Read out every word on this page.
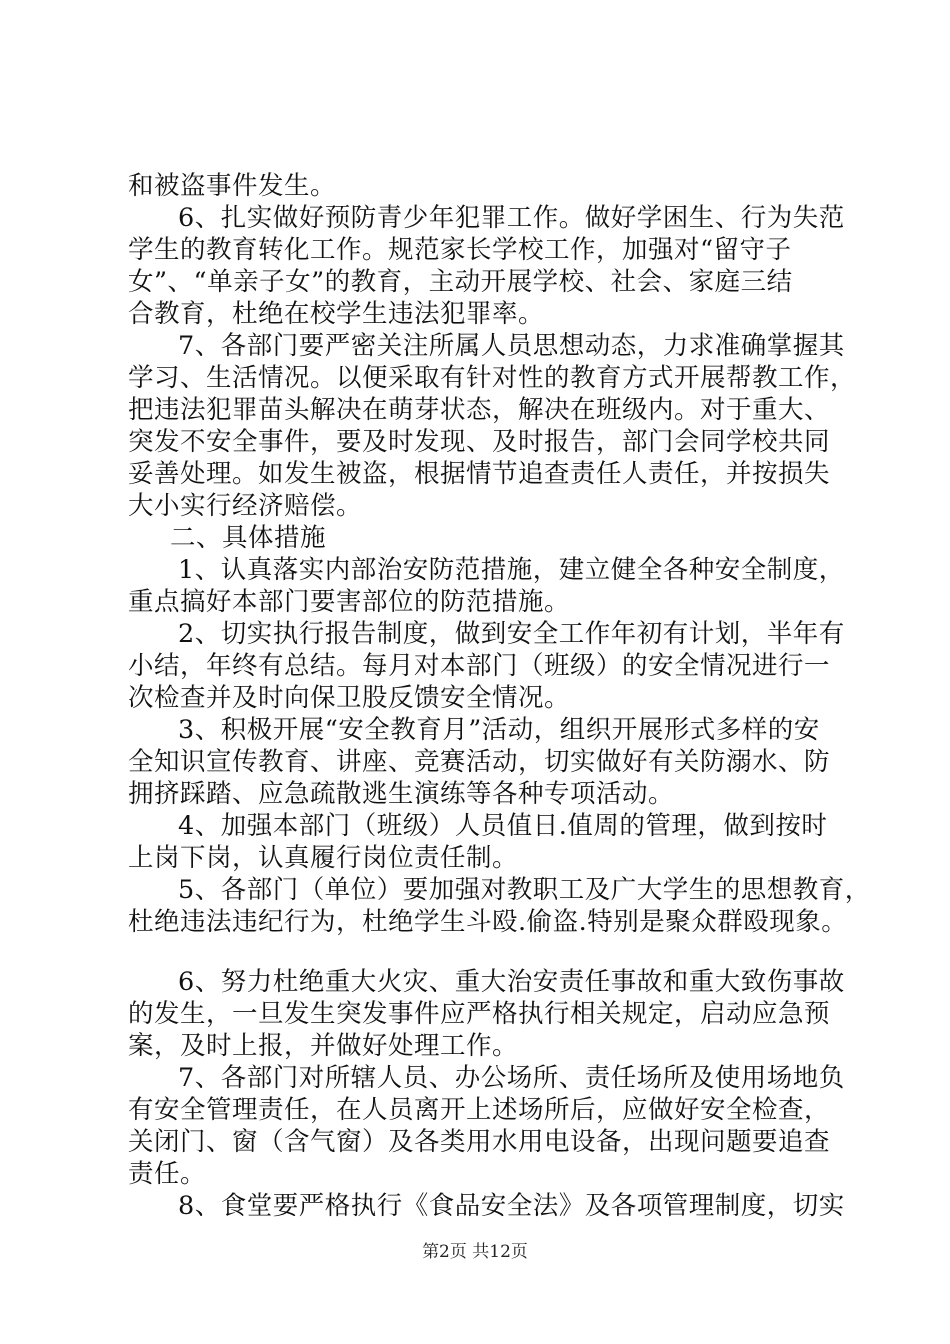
和被盗事件发生。
6、扎实做好预防青少年犯罪工作。做好学困生、行为失范
学生的教育转化工作。规范家长学校工作，加强对“留守子
女”、“单亲子女”的教育，主动开展学校、社会、家庭三结
合教育，杜绝在校学生违法犯罪率。
7、各部门要严密关注所属人员思想动态，力求准确掌握其
学习、生活情况。以便采取有针对性的教育方式开展帮教工作，
把违法犯罪苗头解决在萌芽状态，解决在班级内。对于重大、
突发不安全事件，要及时发现、及时报告，部门会同学校共同
妥善处理。如发生被盗，根据情节追查责任人责任，并按损失
大小实行经济赔偿。
二、具体措施
1、认真落实内部治安防范措施，建立健全各种安全制度，
重点搞好本部门要害部位的防范措施。
2、切实执行报告制度，做到安全工作年初有计划，半年有
小结，年终有总结。每月对本部门（班级）的安全情况进行一
次检查并及时向保卫股反馈安全情况。
3、积极开展“安全教育月”活动，组织开展形式多样的安
全知识宣传教育、讲座、竞赛活动，切实做好有关防溺水、防
拥挤踩踏、应急疏散逃生演练等各种专项活动。
4、加强本部门（班级）人员值日.值周的管理，做到按时
上岗下岗，认真履行岗位责任制。
5、各部门（单位）要加强对教职工及广大学生的思想教育，
杜绝违法违纪行为，杜绝学生斗殴.偷盗.特别是聚众群殴现象。
6、努力杜绝重大火灾、重大治安责任事故和重大致伤事故
的发生，一旦发生突发事件应严格执行相关规定，启动应急预
案，及时上报，并做好处理工作。
7、各部门对所辖人员、办公场所、责任场所及使用场地负
有安全管理责任，在人员离开上述场所后，应做好安全检查，
关闭门、窗（含气窗）及各类用水用电设备，出现问题要追查
责任。
8、食堂要严格执行《食品安全法》及各项管理制度，切实
第2页 共12页
